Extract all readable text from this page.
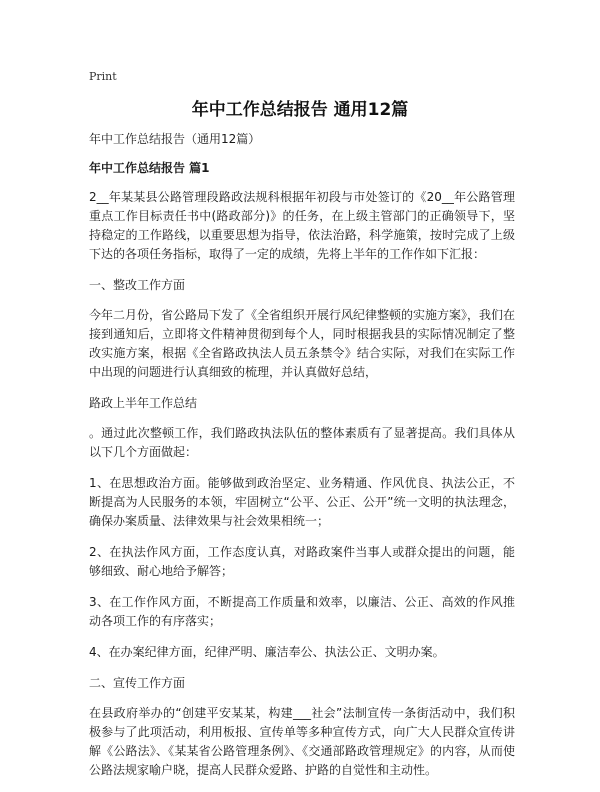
Print
年中工作总结报告 通用12篇

年中工作总结报告（通用12篇）

年中工作总结报告 篇1

2__年某某县公路管理段路政法规科根据年初段与市处签订的《20__年公路管理重点工作目标责任书中(路政部分)》的任务，在上级主管部门的正确领导下，坚持稳定的工作路线，以重要思想为指导，依法治路，科学施策，按时完成了上级下达的各项任务指标，取得了一定的成绩，先将上半年的工作作如下汇报：

一、整改工作方面

今年二月份，省公路局下发了《全省组织开展行风纪律整顿的实施方案》，我们在接到通知后，立即将文件精神贯彻到每个人，同时根据我县的实际情况制定了整改实施方案，根据《全省路政执法人员五条禁令》结合实际，对我们在实际工作中出现的问题进行认真细致的梳理，并认真做好总结，

路政上半年工作总结

。通过此次整顿工作，我们路政执法队伍的整体素质有了显著提高。我们具体从以下几个方面做起：

1、在思想政治方面。能够做到政治坚定、业务精通、作风优良、执法公正，不断提高为人民服务的本领，牢固树立“公平、公正、公开”统一文明的执法理念，确保办案质量、法律效果与社会效果相统一；

2、在执法作风方面，工作态度认真，对路政案件当事人或群众提出的问题，能够细致、耐心地给予解答；

3、在工作作风方面，不断提高工作质量和效率，以廉洁、公正、高效的作风推动各项工作的有序落实；

4、在办案纪律方面，纪律严明、廉洁奉公、执法公正、文明办案。

二、宣传工作方面

在县政府举办的“创建平安某某，构建___社会”法制宣传一条街活动中，我们积极参与了此项活动，利用板报、宣传单等多种宣传方式，向广大人民群众宣传讲解《公路法》、《某某省公路管理条例》、《交通部路政管理规定》的内容，从而使公路法规家喻户晓，提高人民群众爱路、护路的自觉性和主动性。
